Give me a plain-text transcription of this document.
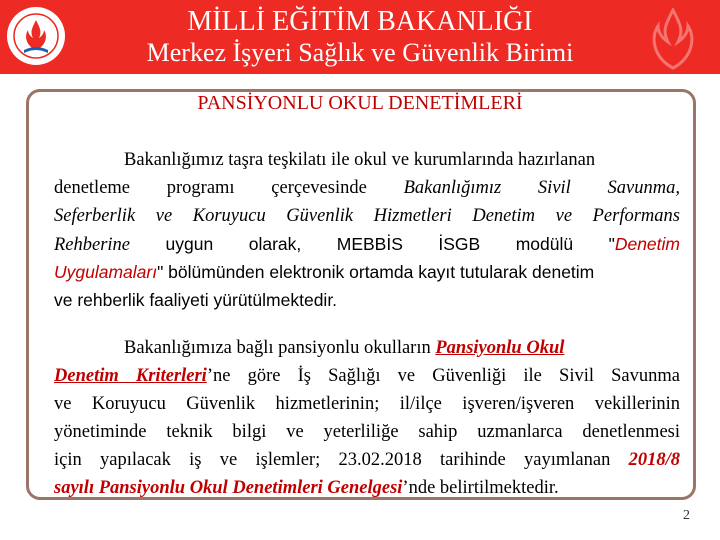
MİLLİ EĞİTİM BAKANLIĞI
Merkez İşyeri Sağlık ve Güvenlik Birimi
PANSİYONLU OKUL DENETİMLERİ
Bakanlığımız taşra teşkilatı ile okul ve kurumlarında hazırlanan
denetleme programı çerçevesinde Bakanlığımız Sivil Savunma,
Seferberlik ve Koruyucu Güvenlik Hizmetleri Denetim ve Performans
Rehberine uygun olarak, MEBBİS İSGB modülü "Denetim
Uygulamaları" bölümünden elektronik ortamda kayıt tutularak denetim
ve rehberlik faaliyeti yürütülmektedir.
Bakanlığımıza bağlı pansiyonlu okulların Pansiyonlu Okul
Denetim Kriterleri’ne göre İş Sağlığı ve Güvenliği ile Sivil Savunma
ve Koruyucu Güvenlik hizmetlerinin; il/ilçe işveren/işveren vekillerinin
yönetiminde teknik bilgi ve yeterliliğe sahip uzmanlarca denetlenmesi
için yapılacak iş ve işlemler; 23.02.2018 tarihinde yayımlanan 2018/8
sayılı Pansiyonlu Okul Denetimleri Genelgesi’nde belirtilmektedir.
2
